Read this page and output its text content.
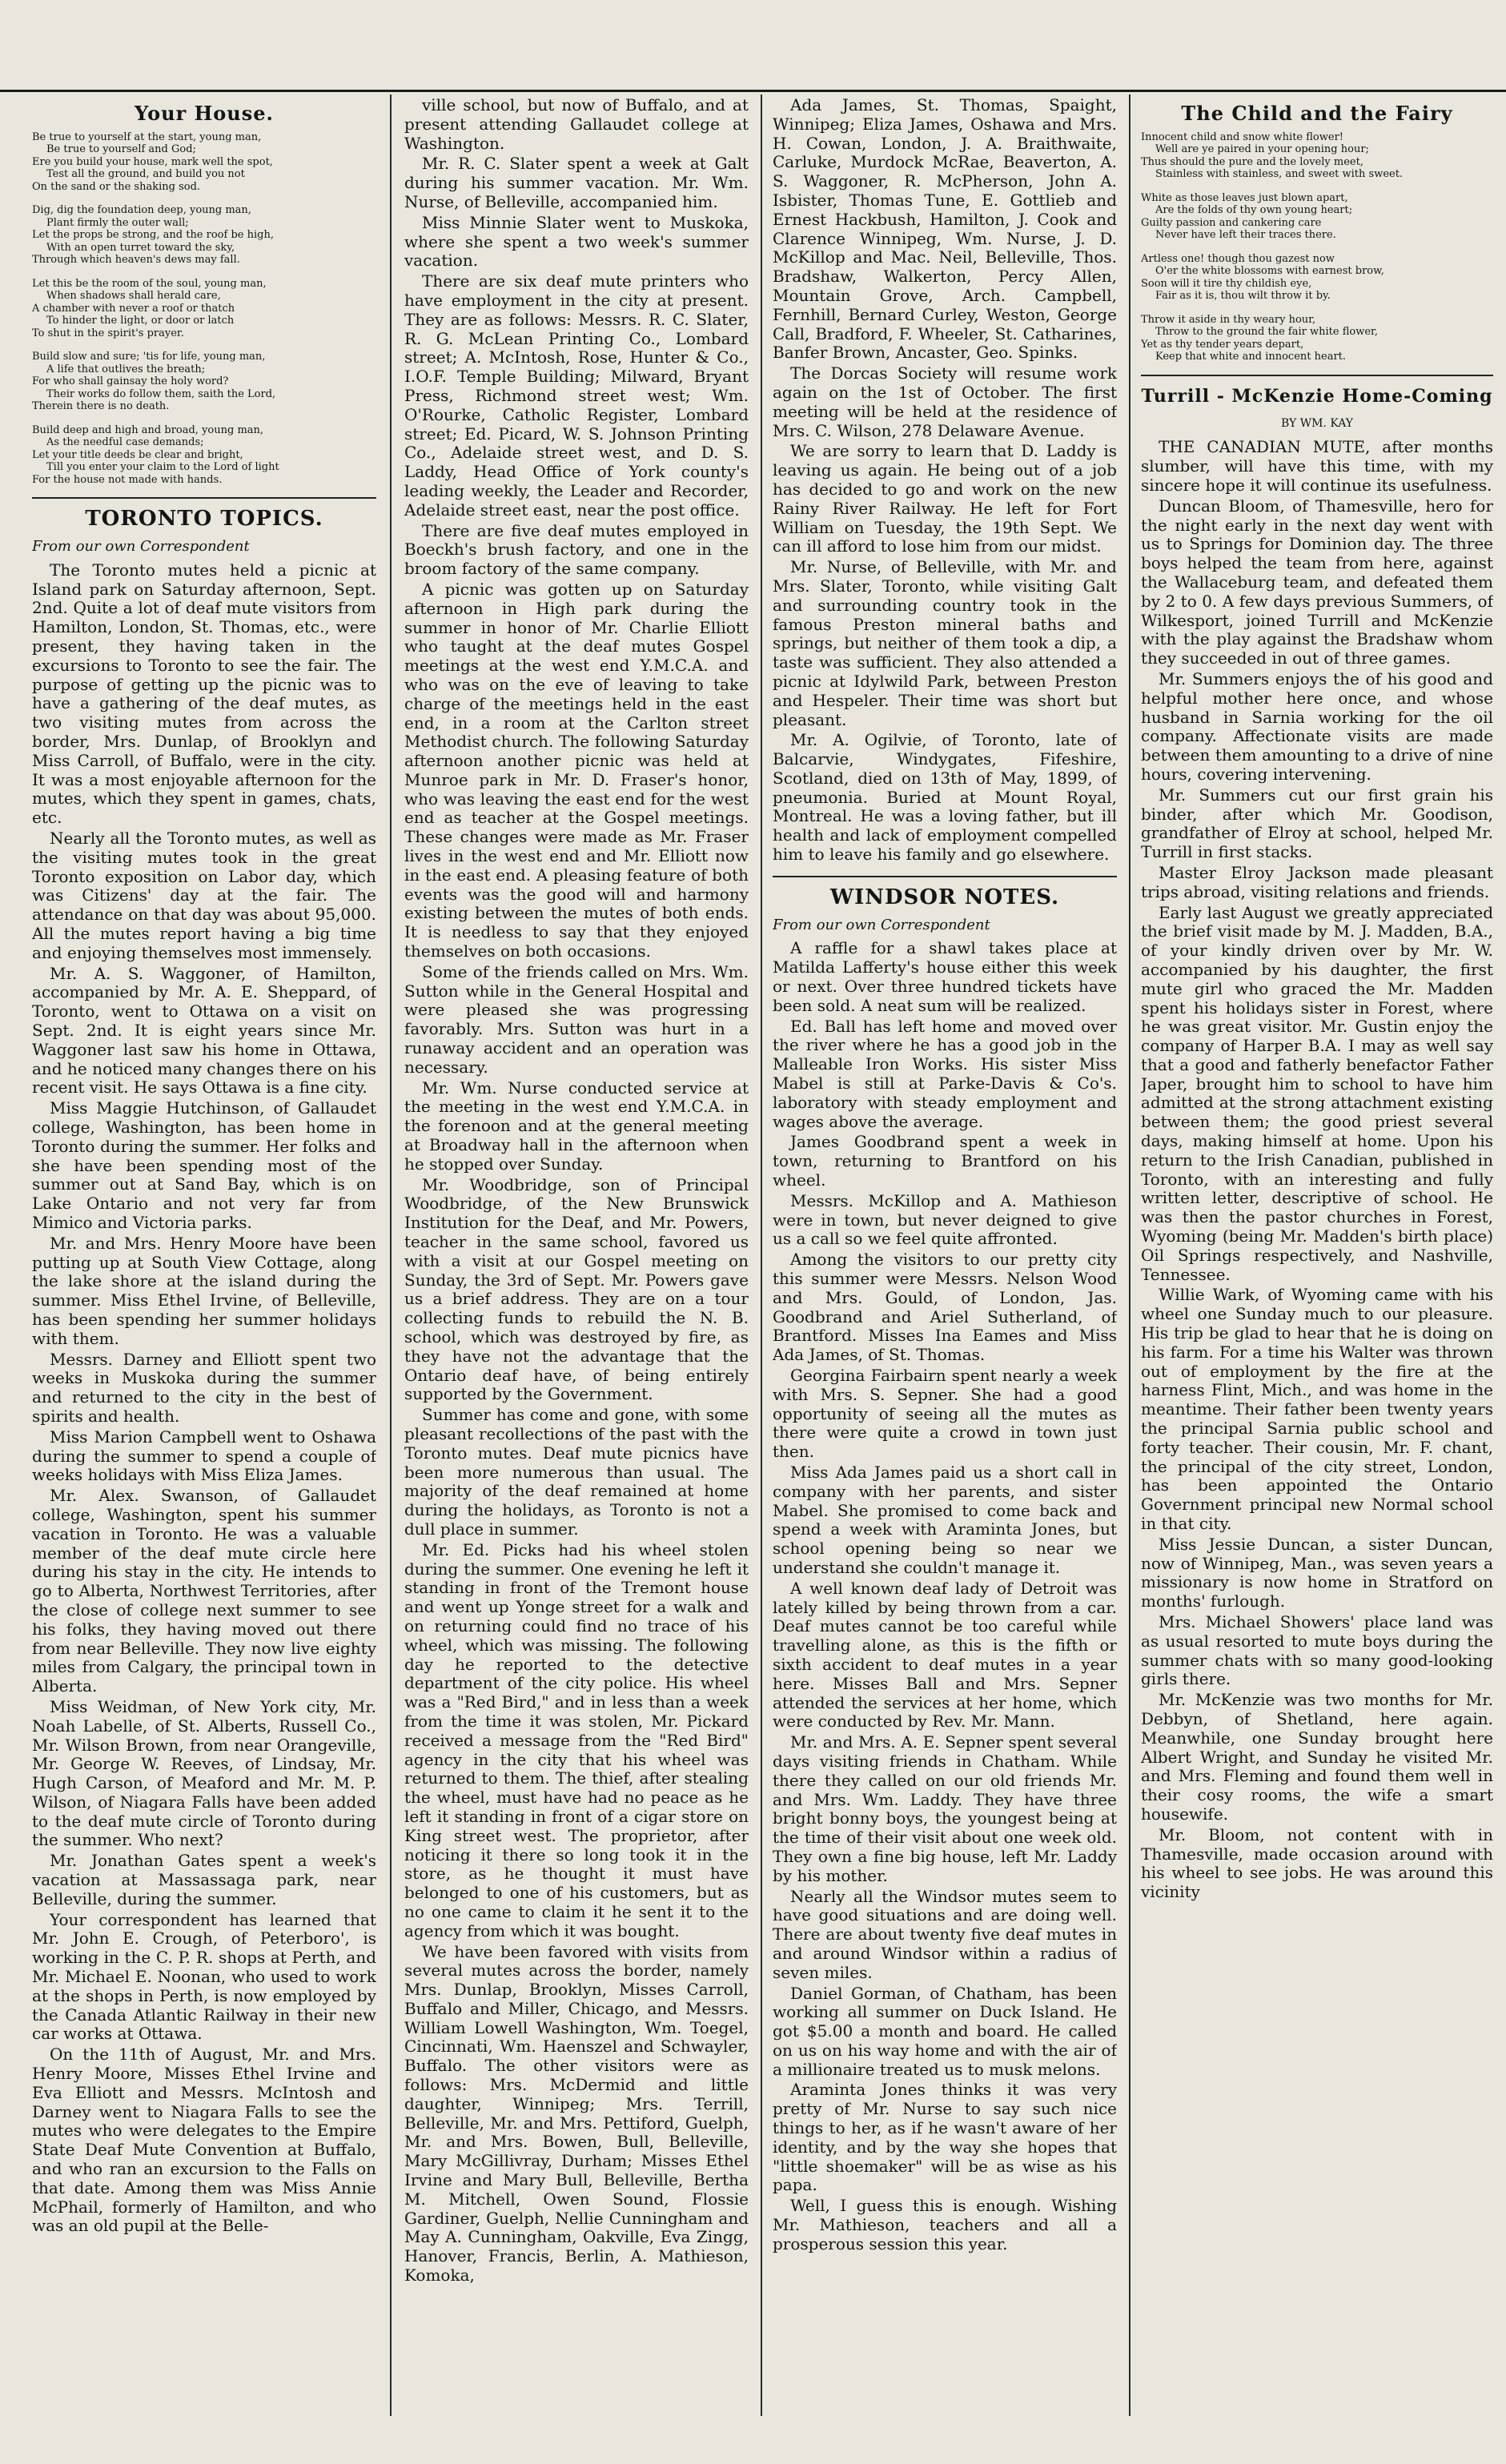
Your House.

Be true to yourself at the start, young man,

Be true to yourself and God;

Ere you build your house, mark well the spot,

Test all the ground, and build you not

On the sand or the shaking sod.

Dig, dig the foundation deep, young man,

Plant firmly the outer wall;

Let the props be strong, and the roof be high,

With an open turret toward the sky,

Through which heaven's dews may fall.

Let this be the room of the soul, young man,

When shadows shall herald care,

A chamber with never a roof or thatch

To hinder the light, or door or latch

To shut in the spirit's prayer.

Build slow and sure; 'tis for life, young man,

A life that outlives the breath;

For who shall gainsay the holy word?

Their works do follow them, saith the Lord,

Therein there is no death.

Build deep and high and broad, young man,

As the needful case demands;

Let your title deeds be clear and bright,

Till you enter your claim to the Lord of light

For the house not made with hands.

TORONTO TOPICS.

From our own Correspondent

The Toronto mutes held a picnic at Island park on Saturday afternoon, Sept. 2nd. Quite a lot of deaf mute visitors from Hamilton, London, St. Thomas, etc., were present, they having taken in the excursions to Toronto to see the fair. The purpose of getting up the picnic was to have a gathering of the deaf mutes, as two visiting mutes from across the border, Mrs. Dunlap, of Brooklyn and Miss Carroll, of Buffalo, were in the city. It was a most enjoyable afternoon for the mutes, which they spent in games, chats, etc.

Nearly all the Toronto mutes, as well as the visiting mutes took in the great Toronto exposition on Labor day, which was Citizens' day at the fair. The attendance on that day was about 95,000. All the mutes report having a big time and enjoying themselves most immensely.

Mr. A. S. Waggoner, of Hamilton, accompanied by Mr. A. E. Sheppard, of Toronto, went to Ottawa on a visit on Sept. 2nd. It is eight years since Mr. Waggoner last saw his home in Ottawa, and he noticed many changes there on his recent visit. He says Ottawa is a fine city.

Miss Maggie Hutchinson, of Gallaudet college, Washington, has been home in Toronto during the summer. Her folks and she have been spending most of the summer out at Sand Bay, which is on Lake Ontario and not very far from Mimico and Victoria parks.

Mr. and Mrs. Henry Moore have been putting up at South View Cottage, along the lake shore at the island during the summer. Miss Ethel Irvine, of Belleville, has been spending her summer holidays with them.

Messrs. Darney and Elliott spent two weeks in Muskoka during the summer and returned to the city in the best of spirits and health.

Miss Marion Campbell went to Oshawa during the summer to spend a couple of weeks holidays with Miss Eliza James.

Mr. Alex. Swanson, of Gallaudet college, Washington, spent his summer vacation in Toronto. He was a valuable member of the deaf mute circle here during his stay in the city. He intends to go to Alberta, Northwest Territories, after the close of college next summer to see his folks, they having moved out there from near Belleville. They now live eighty miles from Calgary, the principal town in Alberta.

Miss Weidman, of New York city, Mr. Noah Labelle, of St. Alberts, Russell Co., Mr. Wilson Brown, from near Orangeville, Mr. George W. Reeves, of Lindsay, Mr. Hugh Carson, of Meaford and Mr. M. P. Wilson, of Niagara Falls have been added to the deaf mute circle of Toronto during the summer. Who next?

Mr. Jonathan Gates spent a week's vacation at Massassaga park, near Belleville, during the summer.

Your correspondent has learned that Mr. John E. Crough, of Peterboro', is working in the C. P. R. shops at Perth, and Mr. Michael E. Noonan, who used to work at the shops in Perth, is now employed by the Canada Atlantic Railway in their new car works at Ottawa.

On the 11th of August, Mr. and Mrs. Henry Moore, Misses Ethel Irvine and Eva Elliott and Messrs. McIntosh and Darney went to Niagara Falls to see the mutes who were delegates to the Empire State Deaf Mute Convention at Buffalo, and who ran an excursion to the Falls on that date. Among them was Miss Annie McPhail, formerly of Hamilton, and who was an old pupil at the Belle-

ville school, but now of Buffalo, and at present attending Gallaudet college at Washington.

Mr. R. C. Slater spent a week at Galt during his summer vacation. Mr. Wm. Nurse, of Belleville, accompanied him.

Miss Minnie Slater went to Muskoka, where she spent a two week's summer vacation.

There are six deaf mute printers who have employment in the city at present. They are as follows: Messrs. R. C. Slater, R. G. McLean Printing Co., Lombard street; A. McIntosh, Rose, Hunter & Co., I.O.F. Temple Building; Milward, Bryant Press, Richmond street west; Wm. O'Rourke, Catholic Register, Lombard street; Ed. Picard, W. S. Johnson Printing Co., Adelaide street west, and D. S. Laddy, Head Office of York county's leading weekly, the Leader and Recorder, Adelaide street east, near the post office.

There are five deaf mutes employed in Boeckh's brush factory, and one in the broom factory of the same company.

A picnic was gotten up on Saturday afternoon in High park during the summer in honor of Mr. Charlie Elliott who taught at the deaf mutes Gospel meetings at the west end Y.M.C.A. and who was on the eve of leaving to take charge of the meetings held in the east end, in a room at the Carlton street Methodist church. The following Saturday afternoon another picnic was held at Munroe park in Mr. D. Fraser's honor, who was leaving the east end for the west end as teacher at the Gospel meetings. These changes were made as Mr. Fraser lives in the west end and Mr. Elliott now in the east end. A pleasing feature of both events was the good will and harmony existing between the mutes of both ends. It is needless to say that they enjoyed themselves on both occasions.

Some of the friends called on Mrs. Wm. Sutton while in the General Hospital and were pleased she was progressing favorably. Mrs. Sutton was hurt in a runaway accident and an operation was necessary.

Mr. Wm. Nurse conducted service at the meeting in the west end Y.M.C.A. in the forenoon and at the general meeting at Broadway hall in the afternoon when he stopped over Sunday.

Mr. Woodbridge, son of Principal Woodbridge, of the New Brunswick Institution for the Deaf, and Mr. Powers, teacher in the same school, favored us with a visit at our Gospel meeting on Sunday, the 3rd of Sept. Mr. Powers gave us a brief address. They are on a tour collecting funds to rebuild the N. B. school, which was destroyed by fire, as they have not the advantage that the Ontario deaf have, of being entirely supported by the Government.

Summer has come and gone, with some pleasant recollections of the past with the Toronto mutes. Deaf mute picnics have been more numerous than usual. The majority of the deaf remained at home during the holidays, as Toronto is not a dull place in summer.

Mr. Ed. Picks had his wheel stolen during the summer. One evening he left it standing in front of the Tremont house and went up Yonge street for a walk and on returning could find no trace of his wheel, which was missing. The following day he reported to the detective department of the city police. His wheel was a "Red Bird," and in less than a week from the time it was stolen, Mr. Pickard received a message from the "Red Bird" agency in the city that his wheel was returned to them. The thief, after stealing the wheel, must have had no peace as he left it standing in front of a cigar store on King street west. The proprietor, after noticing it there so long took it in the store, as he thought it must have belonged to one of his customers, but as no one came to claim it he sent it to the agency from which it was bought.

We have been favored with visits from several mutes across the border, namely Mrs. Dunlap, Brooklyn, Misses Carroll, Buffalo and Miller, Chicago, and Messrs. William Lowell Washington, Wm. Toegel, Cincinnati, Wm. Haenszel and Schwayler, Buffalo. The other visitors were as follows: Mrs. McDermid and little daughter, Winnipeg; Mrs. Terrill, Belleville, Mr. and Mrs. Pettiford, Guelph, Mr. and Mrs. Bowen, Bull, Belleville, Mary McGillivray, Durham; Misses Ethel Irvine and Mary Bull, Belleville, Bertha M. Mitchell, Owen Sound, Flossie Gardiner, Guelph, Nellie Cunningham and May A. Cunningham, Oakville, Eva Zingg, Hanover, Francis, Berlin, A. Mathieson, Komoka,

Ada James, St. Thomas, Spaight, Winnipeg; Eliza James, Oshawa and Mrs. H. Cowan, London, J. A. Braithwaite, Carluke, Murdock McRae, Beaverton, A. S. Waggoner, R. McPherson, John A. Isbister, Thomas Tune, E. Gottlieb and Ernest Hackbush, Hamilton, J. Cook and Clarence Winnipeg, Wm. Nurse, J. D. McKillop and Mac. Neil, Belleville, Thos. Bradshaw, Walkerton, Percy Allen, Mountain Grove, Arch. Campbell, Fernhill, Bernard Curley, Weston, George Call, Bradford, F. Wheeler, St. Catharines, Banfer Brown, Ancaster, Geo. Spinks.

The Dorcas Society will resume work again on the 1st of October. The first meeting will be held at the residence of Mrs. C. Wilson, 278 Delaware Avenue.

We are sorry to learn that D. Laddy is leaving us again. He being out of a job has decided to go and work on the new Rainy River Railway. He left for Fort William on Tuesday, the 19th Sept. We can ill afford to lose him from our midst.

Mr. Nurse, of Belleville, with Mr. and Mrs. Slater, Toronto, while visiting Galt and surrounding country took in the famous Preston mineral baths and springs, but neither of them took a dip, a taste was sufficient. They also attended a picnic at Idylwild Park, between Preston and Hespeler. Their time was short but pleasant.

Mr. A. Ogilvie, of Toronto, late of Balcarvie, Windygates, Fifeshire, Scotland, died on 13th of May, 1899, of pneumonia. Buried at Mount Royal, Montreal. He was a loving father, but ill health and lack of employment compelled him to leave his family and go elsewhere.

WINDSOR NOTES.

From our own Correspondent

A raffle for a shawl takes place at Matilda Lafferty's house either this week or next. Over three hundred tickets have been sold. A neat sum will be realized.

Ed. Ball has left home and moved over the river where he has a good job in the Malleable Iron Works. His sister Miss Mabel is still at Parke-Davis & Co's. laboratory with steady employment and wages above the average.

James Goodbrand spent a week in town, returning to Brantford on his wheel.

Messrs. McKillop and A. Mathieson were in town, but never deigned to give us a call so we feel quite affronted.

Among the visitors to our pretty city this summer were Messrs. Nelson Wood and Mrs. Gould, of London, Jas. Goodbrand and Ariel Sutherland, of Brantford. Misses Ina Eames and Miss Ada James, of St. Thomas.

Georgina Fairbairn spent nearly a week with Mrs. S. Sepner. She had a good opportunity of seeing all the mutes as there were quite a crowd in town just then.

Miss Ada James paid us a short call in company with her parents, and sister Mabel. She promised to come back and spend a week with Araminta Jones, but school opening being so near we understand she couldn't manage it.

A well known deaf lady of Detroit was lately killed by being thrown from a car. Deaf mutes cannot be too careful while travelling alone, as this is the fifth or sixth accident to deaf mutes in a year here. Misses Ball and Mrs. Sepner attended the services at her home, which were conducted by Rev. Mr. Mann.

Mr. and Mrs. A. E. Sepner spent several days visiting friends in Chatham. While there they called on our old friends Mr. and Mrs. Wm. Laddy. They have three bright bonny boys, the youngest being at the time of their visit about one week old. They own a fine big house, left Mr. Laddy by his mother.

Nearly all the Windsor mutes seem to have good situations and are doing well. There are about twenty five deaf mutes in and around Windsor within a radius of seven miles.

Daniel Gorman, of Chatham, has been working all summer on Duck Island. He got $5.00 a month and board. He called on us on his way home and with the air of a millionaire treated us to musk melons.

Araminta Jones thinks it was very pretty of Mr. Nurse to say such nice things to her, as if he wasn't aware of her identity, and by the way she hopes that "little shoemaker" will be as wise as his papa.

Well, I guess this is enough. Wishing Mr. Mathieson, teachers and all a prosperous session this year.

The Child and the Fairy

Innocent child and snow white flower!

Well are ye paired in your opening hour;

Thus should the pure and the lovely meet,

Stainless with stainless, and sweet with sweet.

White as those leaves just blown apart,

Are the folds of thy own young heart;

Guilty passion and cankering care

Never have left their traces there.

Artless one! though thou gazest now

O'er the white blossoms with earnest brow,

Soon will it tire thy childish eye,

Fair as it is, thou wilt throw it by.

Throw it aside in thy weary hour,

Throw to the ground the fair white flower,

Yet as thy tender years depart,

Keep that white and innocent heart.

Turrill - McKenzie Home-Coming

BY WM. KAY

THE CANADIAN MUTE, after months slumber, will have this time, with my sincere hope it will continue its usefulness.

Duncan Bloom, of Thamesville, hero for the night early in the next day went with us to Springs for Dominion day. The three boys helped the team from here, against the Wallaceburg team, and defeated them by 2 to 0. A few days previous Summers, of Wilkesport, joined Turrill and McKenzie with the play against the Bradshaw whom they succeeded in out of three games.

Mr. Summers enjoys the of his good and helpful mother here once, and whose husband in Sarnia working for the oil company. Affectionate visits are made between them amounting to a drive of nine hours, covering intervening.

Mr. Summers cut our first grain his binder, after which Mr. Goodison, grandfather of Elroy at school, helped Mr. Turrill in first stacks.

Master Elroy Jackson made pleasant trips abroad, visiting relations and friends.

Early last August we greatly appreciated the brief visit made by M. J. Madden, B.A., of your kindly driven over by Mr. W. accompanied by his daughter, the first mute girl who graced the Mr. Madden spent his holidays sister in Forest, where he was great visitor. Mr. Gustin enjoy the company of Harper B.A. I may as well say that a good and fatherly benefactor Father Japer, brought him to school to have him admitted at the strong attachment existing between them; the good priest several days, making himself at home. Upon his return to the Irish Canadian, published in Toronto, with an interesting and fully written letter, descriptive of school. He was then the pastor churches in Forest, Wyoming (being Mr. Madden's birth place) Oil Springs respectively, and Nashville, Tennessee.

Willie Wark, of Wyoming came with his wheel one Sunday much to our pleasure. His trip be glad to hear that he is doing on his farm. For a time his Walter was thrown out of employment by the fire at the harness Flint, Mich., and was home in the meantime. Their father been twenty years the principal Sarnia public school and forty teacher. Their cousin, Mr. F. chant, the principal of the city street, London, has been appointed the Ontario Government principal new Normal school in that city.

Miss Jessie Duncan, a sister Duncan, now of Winnipeg, Man., was seven years a missionary is now home in Stratford on months' furlough.

Mrs. Michael Showers' place land was as usual resorted to mute boys during the summer chats with so many good-looking girls there.

Mr. McKenzie was two months for Mr. Debbyn, of Shetland, here again. Meanwhile, one Sunday brought here Albert Wright, and Sunday he visited Mr. and Mrs. Fleming and found them well in their cosy rooms, the wife a smart housewife.

Mr. Bloom, not content with in Thamesville, made occasion around with his wheel to see jobs. He was around this vicinity
